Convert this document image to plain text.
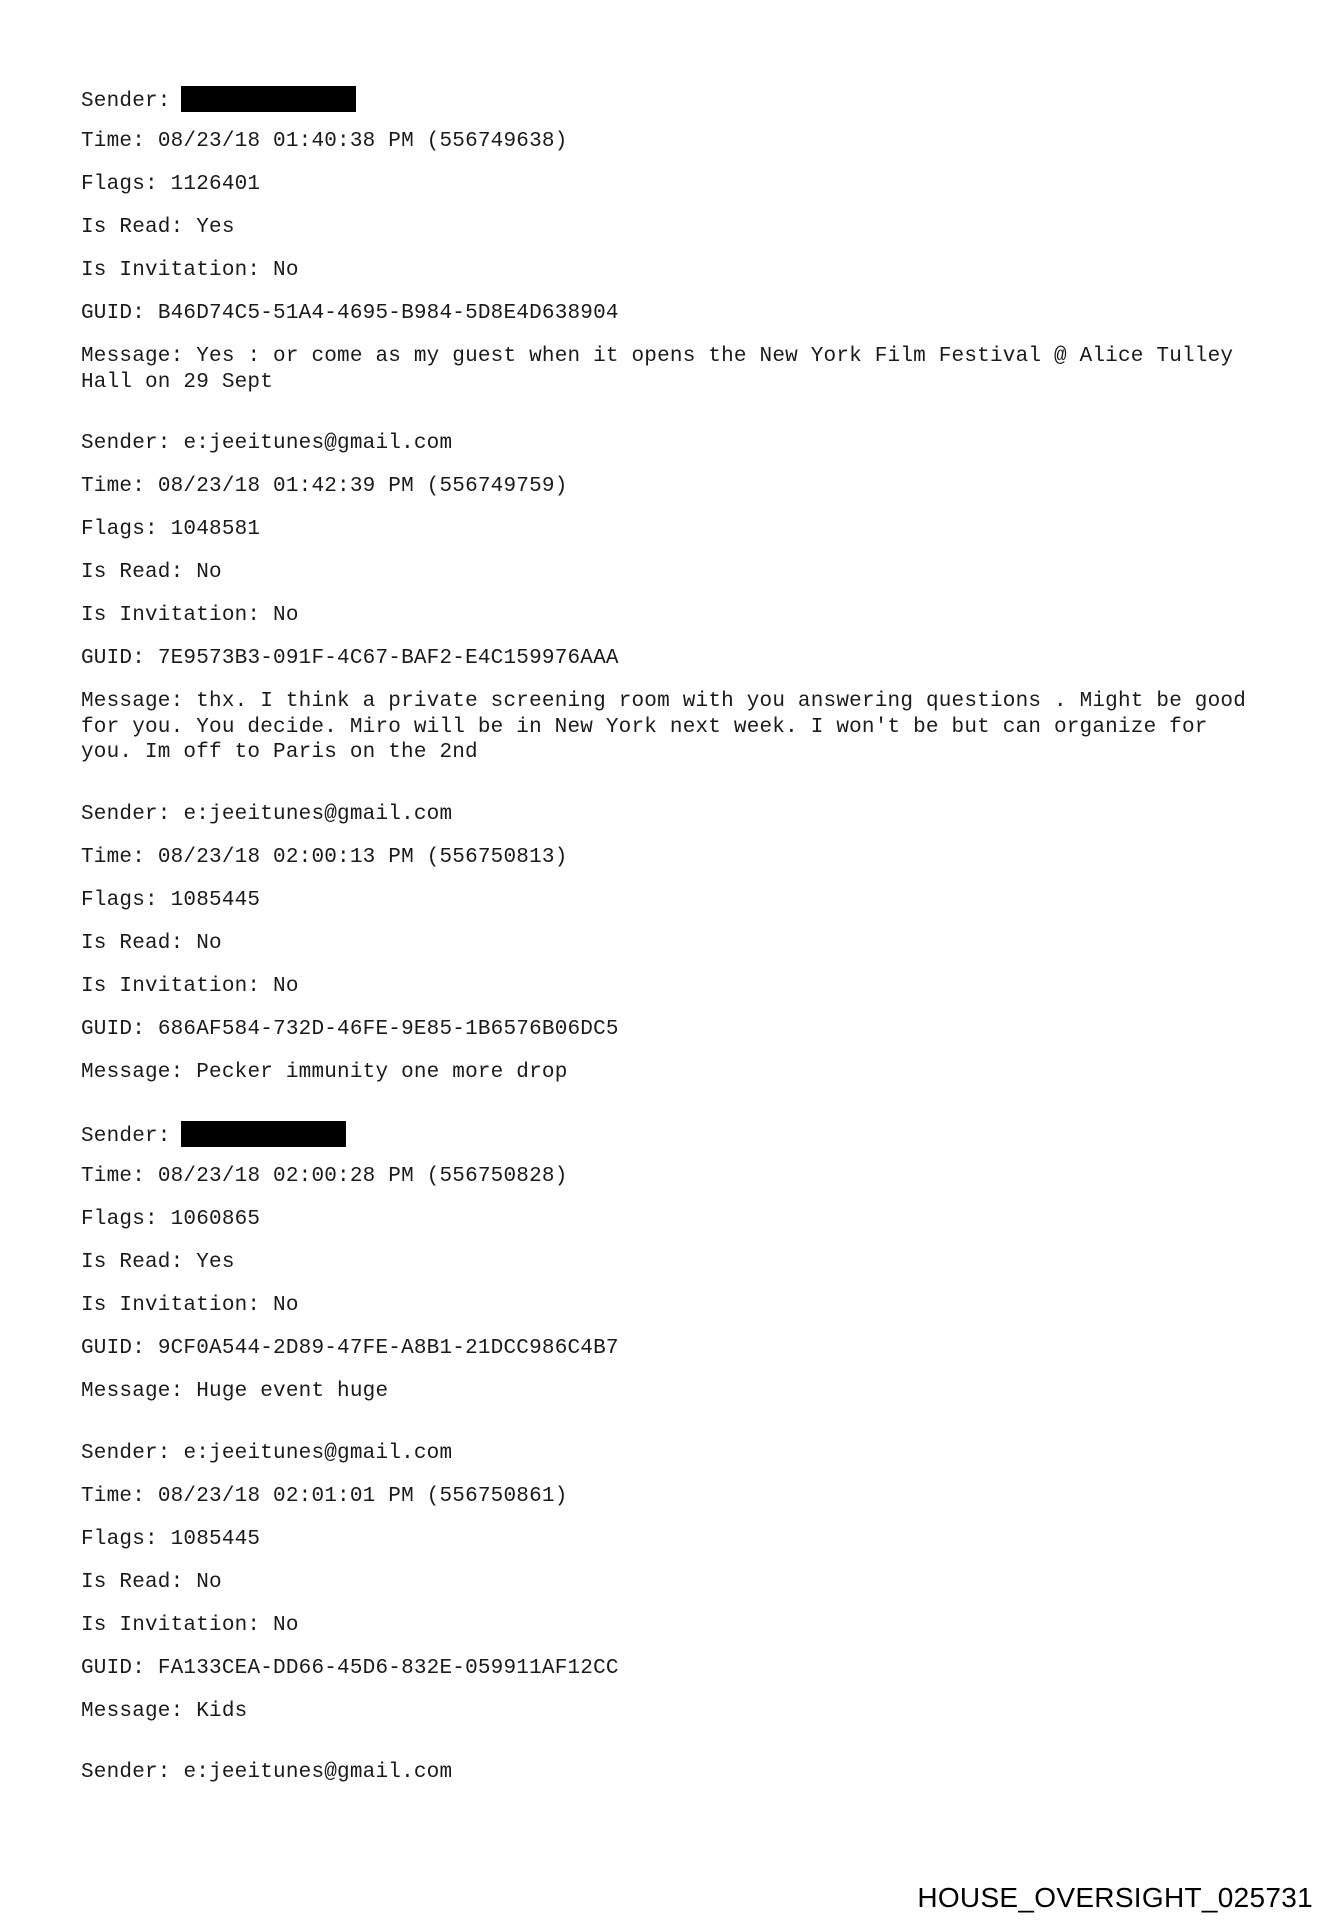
Sender:
Time: 08/23/18 01:40:38 PM (556749638)
Flags: 1126401
Is Read: Yes
Is Invitation: No
GUID: B46D74C5-51A4-4695-B984-5D8E4D638904
Message: Yes : or come as my guest when it opens the New York Film Festival @ Alice Tulley Hall on 29 Sept
Sender: e:jeeitunes@gmail.com
Time: 08/23/18 01:42:39 PM (556749759)
Flags: 1048581
Is Read: No
Is Invitation: No
GUID: 7E9573B3-091F-4C67-BAF2-E4C159976AAA
Message: thx. I think a private screening room with you answering questions . Might be good for you. You decide. Miro will be in New York next week. I won't be but can organize for you. Im off to Paris on the 2nd
Sender: e:jeeitunes@gmail.com
Time: 08/23/18 02:00:13 PM (556750813)
Flags: 1085445
Is Read: No
Is Invitation: No
GUID: 686AF584-732D-46FE-9E85-1B6576B06DC5
Message: Pecker immunity one more drop
Sender:
Time: 08/23/18 02:00:28 PM (556750828)
Flags: 1060865
Is Read: Yes
Is Invitation: No
GUID: 9CF0A544-2D89-47FE-A8B1-21DCC986C4B7
Message: Huge event huge
Sender: e:jeeitunes@gmail.com
Time: 08/23/18 02:01:01 PM (556750861)
Flags: 1085445
Is Read: No
Is Invitation: No
GUID: FA133CEA-DD66-45D6-832E-059911AF12CC
Message: Kids
Sender: e:jeeitunes@gmail.com
HOUSE_OVERSIGHT_025731
